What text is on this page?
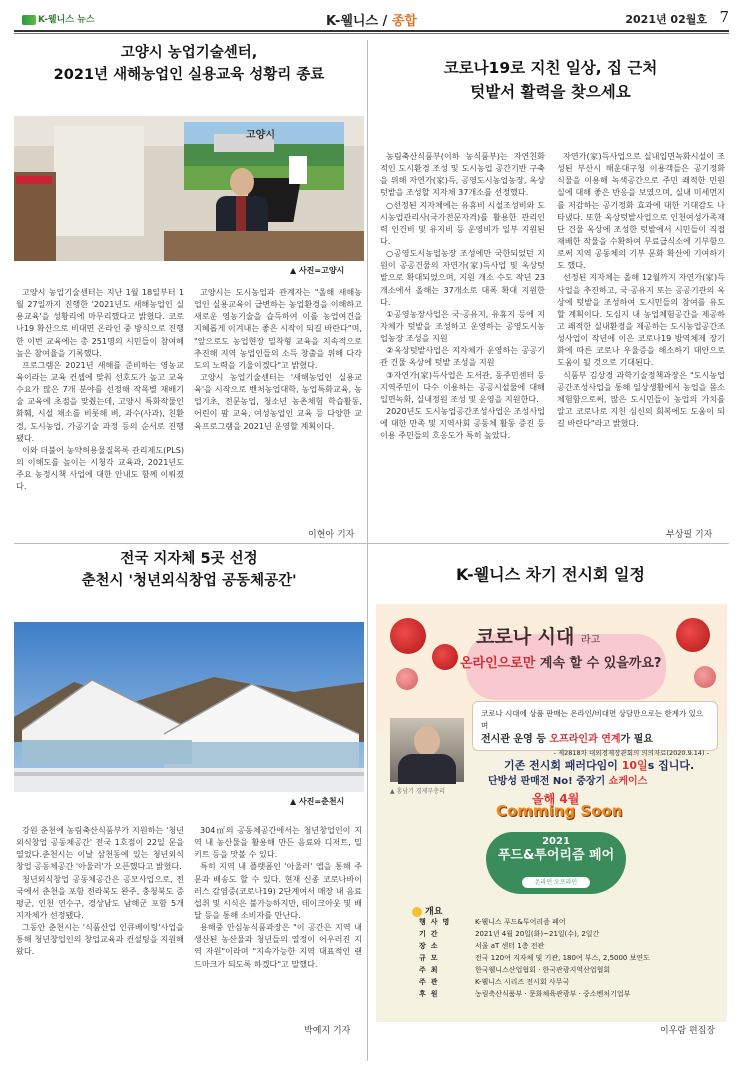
K-웰니스 뉴스	K-웰니스 / 종합	2021년 02월호 7
고양시 농업기술센터,
2021년 새해농업인 실용교육 성황리 종료
고양시
▲ 사진=고양시

고양시 농업기술센터는 지난 1월 18일부터 1월 27일까지 진행한 '2021년도 새해농업인 실용교육'을 성황리에 마무리했다고 밝혔다. 코로나19 확산으로 비대면 온라인 중 방식으로 진행한 이번 교육에는 총 251명의 시민들이 참여해 높은 참여율을 기록했다.

프로그램은 2021년 새해를 준비하는 영농교육이라는 교육 컨셉에 맞춰 선호도가 높고 교육수요가 많은 7개 분야를 선정해 작목별 재배기술 교육에 초점을 맞췄는데, 고양시 특화작물인 화훼, 시설 채소를 비롯해 벼, 과수(사과), 친환경, 도시농업, 가공기술 과정 등의 순서로 진행됐다.

이와 더불어 농약허용물질목록 관리제도(PLS)의 이해도를 높이는 시청각 교육과, 2021년도 주요 농정시책 사업에 대한 안내도 함께 이뤄졌다.

고양시는 도시농업과 관계자는 "올해 새해농업인 실용교육이 급변하는 농업환경을 이해하고 새로운 영농기술을 습득하여 이를 농업여건을 지혜롭게 이겨내는 좋은 시작이 되길 바란다"며, "앞으로도 농업현장 밀착형 교육을 지속적으로 추진해 지역 농업인들의 소득 창출을 위해 다각도의 노력을 기울이겠다"고 밝혔다.

고양시 농업기술센터는 '새해농업인 실용교육'을 시작으로 벤처농업대학, 농업특화교육, 농업기초, 전문농업, 청소년 농촌체험 학습활동, 어린이 팜 교육, 여성농업인 교육 등 다양한 교육프로그램을 2021년 운영할 계획이다.

이현아 기자
코로나19로 지친 일상, 집 근처
텃밭서 활력을 찾으세요

농림축산식품부(이하 농식품부)는 자연친화적인 도시환경 조성 및 도시농업 공간기반 구축을 위해 자연가(家)득, 공영도시농업농장, 옥상텃밭을 조성할 지자체 37개소를 선정했다.

○선정된 지자체에는 유휴비 시설조성비와 도시농업관리사(국가전문자격)를 활용한 관리인력 인건비 및 유지비 등 운영비가 일부 지원된다.

○공영도시농업농장 조성에만 국한되었던 지원이 공공건물의 자연가(家)득사업 및 옥상텃밭으로 확대되었으며, 지원 개소 수도 작년 23개소에서 올해는 37개소로 대폭 확대 지원한다.

①공영농장사업은 국·공유지, 유휴지 등에 지자체가 텃밭을 조성하고 운영하는 공영도시농업농장 조성을 지원

②옥상텃밭사업은 지자체가 운영하는 공공기관 건물 옥상에 텃밭 조성을 지원

③자연가(家)득사업은 도서관, 동주민센터 등 지역주민이 다수 이용하는 공공시설물에 대해 입면녹화, 실내정원 조성 및 운영을 지원한다.

2020년도 도시농업공간조성사업은 조성사업에 대한 만족 및 지역사회 공동체 활동 증진 등 이용 주민들의 호응도가 특히 높았다.

자연가(家)득사업으로 실내입면녹화시설이 조성된 부산시 해운대구청 이용객들은 공기정화 식물을 이용해 녹색공간으로 주민 쾌적한 민원실에 대해 좋은 반응을 보였으며, 실내 미세먼지를 저감하는 공기정화 효과에 대한 기대감도 나타냈다. 또한 옥상텃밭사업으로 인천여성가족재단 건물 옥상에 조성한 텃밭에서 시민들이 직접 재배한 작물을 수확하여 무료급식소에 기부함으로써 지역 공동체의 기부 문화 확산에 기여하기도 했다.

선정된 지자체는 올해 12월까지 자연가(家)득사업을 추진하고, 국·공유지 또는 공공기관의 옥상에 텃밭을 조성하여 도시민들의 참여를 유도할 계획이다. 도심지 내 농업체험공간을 제공하고 쾌적한 실내환경을 제공하는 도시농업공간조성사업이 작년에 이은 코로나19 방역체제 장기화에 따른 코로나 우울증을 해소하기 대안으로 도움이 될 것으로 기대된다.

식품부 김상경 과학기술정책과장은 "도시농업공간조성사업을 통해 일상생활에서 농업을 몸소 체험함으로써, 많은 도시민들이 농업의 가치를 알고 코로나로 지친 심신의 회복에도 도움이 되길 바란다"라고 밝혔다.

부상필 기자
전국 지자체 5곳 선정
춘천시 '청년외식창업 공동체공간'
▲ 사진=춘천시

강원 춘천에 농림축산식품부가 지원하는 '청년외식창업 공동체공간' 전국 1호점이 22일 문을 열었다.춘천시는 이날 삼천동에 있는 청년외식창업 공동체공간 '아울러'가 오픈했다고 밝혔다.

청년외식창업 공동체공간은 공모사업으로, 전국에서 춘천을 포함 전라북도 완주, 충청북도 증평군, 인천 연수구, 경상남도 남해군 포함 5개 지자체가 선정됐다.

그동안 춘천시는 '식품산업 인큐베이팅'사업을 통해 청년창업인의 창업교육과 컨설팅을 지원해왔다.

304㎡의 공동체공간에서는 청년창업인이 지역 내 농산물을 활용해 만든 음료와 디저트, 밀키트 등을 맛볼 수 있다.

특히 지역 내 플랫폼인 '아울러' 앱을 통해 주문과 배송도 할 수 있다. 현재 신종 코로나바이러스 감염증(코로나19) 2단계여서 매장 내 음료 섭취 및 시식은 불가능하지만, 테이크아웃 및 배달 등을 통해 소비자를 만난다.

용해중 안심농식품과장은 "이 공간은 지역 내 생산된 농산물과 청년들의 열정이 어우러진 지역 자원"이라며 "지속가능한 지역 대표적인 랜드마크가 되도록 하겠다"고 말했다.

박예지 기자
K-웰니스 차기 전시회 일정
코로나 시대 라고
온라인으로만 계속 할 수 있을까요?
코로나 시대에 상품 판매는 온라인/비대면 상담만으로는 한계가 있으며
전시관 운영 등 오프라인과 연계가 필요
- 제2818차 대외경제장관회의 의의자료(2020.9.14) -
▲ 홍남기 경제부총리
기존 전시회 패러다임이 10일s 집니다.
단방성 판매전 No! 중장기 쇼케이스
올해 4월
Comming Soon
2021
푸드&투어리즘 페어
온라인 오프라인
개요
행사명	K-웰니스 푸드&투어리즘 페어
기간	2021년 4월 20일(화)~21일(수), 2일간
장소	서울 aT 센터 1층 전관
규모	전국 120여 지자체 및 기관, 180여 부스, 2,5000 보연도
주최	한국웰니스산업협회 · 한국관광지역산업협회
주관	K-웰니스 시리즈 전시회 사무국
후원	농림축산식품부 · 문화체육관광부 · 중소벤처기업부
이우람 편집장
